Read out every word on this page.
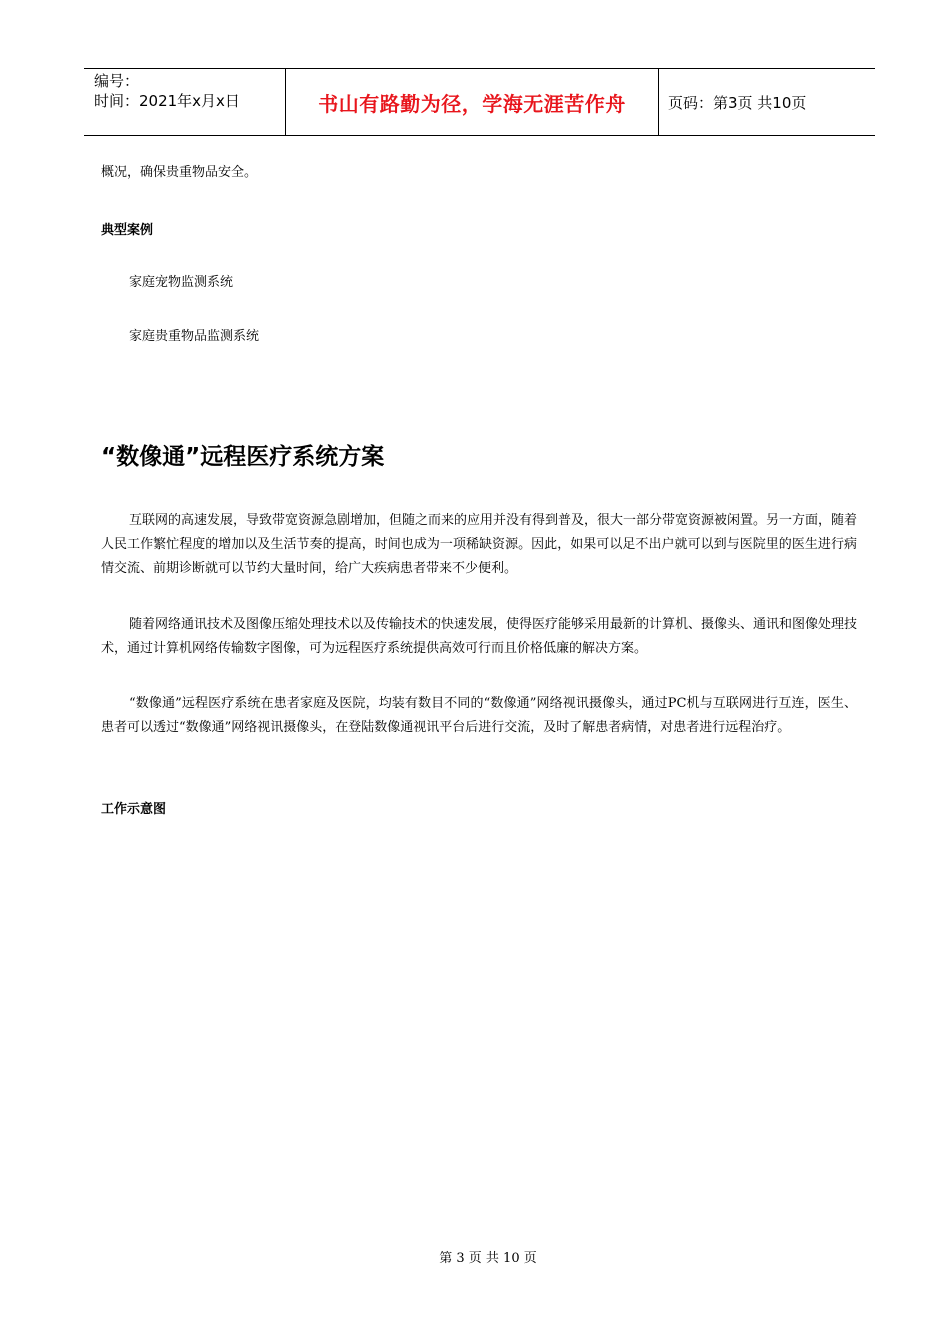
编号：
时间：2021年x月x日	书山有路勤为径，学海无涯苦作舟	页码：第3页 共10页
概况，确保贵重物品安全。
典型案例
家庭宠物监测系统
家庭贵重物品监测系统
“数像通”远程医疗系统方案
互联网的高速发展，导致带宽资源急剧增加，但随之而来的应用并没有得到普及，很大一部分带宽资源被闲置。另一方面，随着人民工作繁忙程度的增加以及生活节奏的提高，时间也成为一项稀缺资源。因此，如果可以足不出户就可以到与医院里的医生进行病情交流、前期诊断就可以节约大量时间，给广大疾病患者带来不少便利。
随着网络通讯技术及图像压缩处理技术以及传输技术的快速发展，使得医疗能够采用最新的计算机、摄像头、通讯和图像处理技术，通过计算机网络传输数字图像，可为远程医疗系统提供高效可行而且价格低廉的解决方案。
“数像通”远程医疗系统在患者家庭及医院，均装有数目不同的“数像通”网络视讯摄像头，通过PC机与互联网进行互连，医生、患者可以透过“数像通”网络视讯摄像头，在登陆数像通视讯平台后进行交流，及时了解患者病情，对患者进行远程治疗。
工作示意图
第 3 页 共 10 页
